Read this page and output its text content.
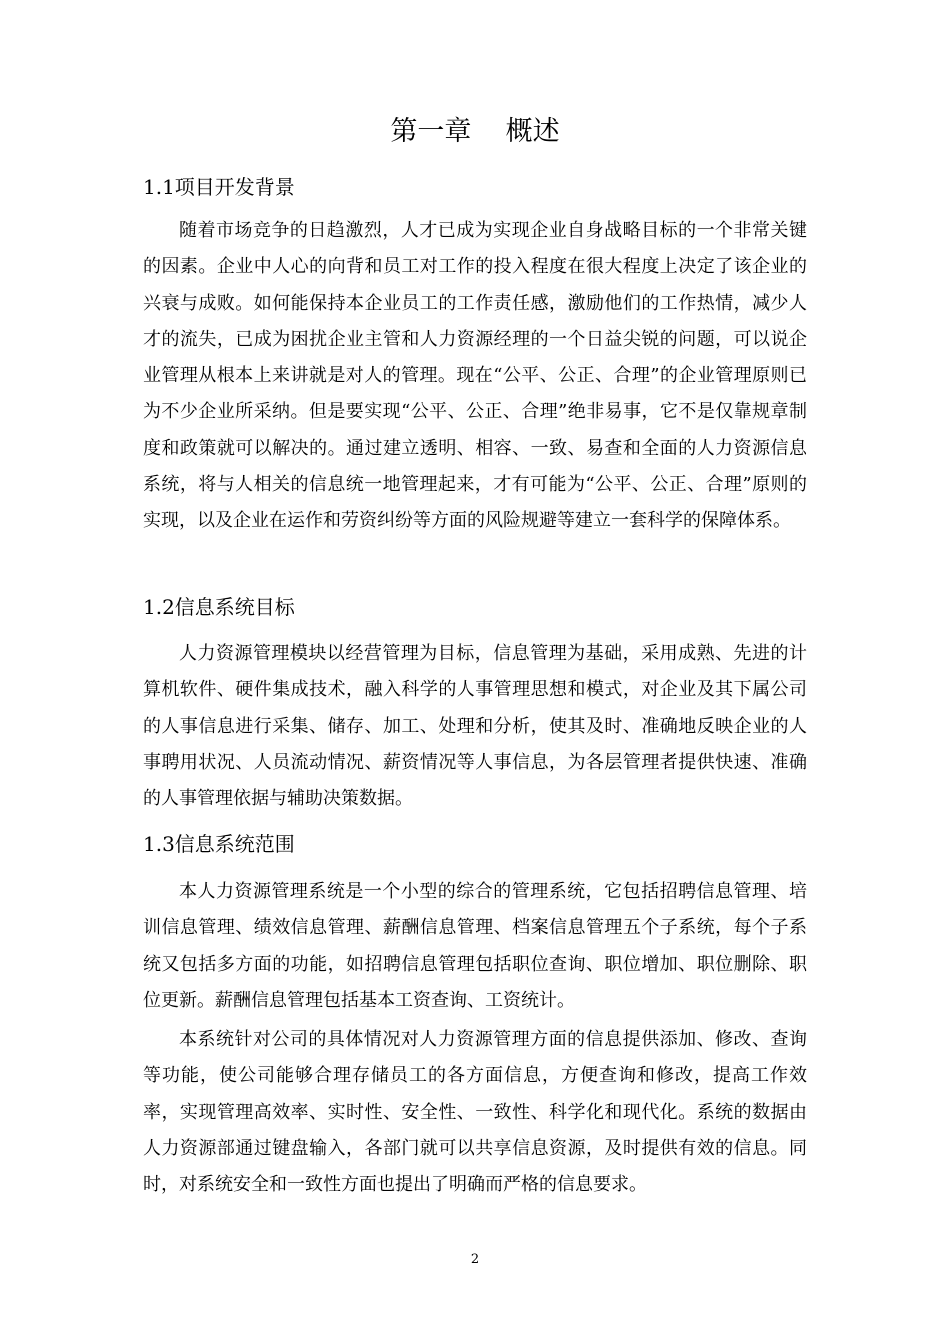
第一章    概述
1.1项目开发背景

随着市场竞争的日趋激烈，人才已成为实现企业自身战略目标的一个非常关键的因素。企业中人心的向背和员工对工作的投入程度在很大程度上决定了该企业的兴衰与成败。如何能保持本企业员工的工作责任感，激励他们的工作热情，减少人才的流失，已成为困扰企业主管和人力资源经理的一个日益尖锐的问题，可以说企业管理从根本上来讲就是对人的管理。现在“公平、公正、合理”的企业管理原则已为不少企业所采纳。但是要实现“公平、公正、合理”绝非易事，它不是仅靠规章制度和政策就可以解决的。通过建立透明、相容、一致、易查和全面的人力资源信息系统，将与人相关的信息统一地管理起来，才有可能为“公平、公正、合理”原则的实现，以及企业在运作和劳资纠纷等方面的风险规避等建立一套科学的保障体系。

1.2信息系统目标

人力资源管理模块以经营管理为目标，信息管理为基础，采用成熟、先进的计算机软件、硬件集成技术，融入科学的人事管理思想和模式，对企业及其下属公司的人事信息进行采集、储存、加工、处理和分析，使其及时、准确地反映企业的人事聘用状况、人员流动情况、薪资情况等人事信息，为各层管理者提供快速、准确的人事管理依据与辅助决策数据。

1.3信息系统范围

本人力资源管理系统是一个小型的综合的管理系统，它包括招聘信息管理、培训信息管理、绩效信息管理、薪酬信息管理、档案信息管理五个子系统，每个子系统又包括多方面的功能，如招聘信息管理包括职位查询、职位增加、职位删除、职位更新。薪酬信息管理包括基本工资查询、工资统计。

本系统针对公司的具体情况对人力资源管理方面的信息提供添加、修改、查询等功能，使公司能够合理存储员工的各方面信息，方便查询和修改，提高工作效率，实现管理高效率、实时性、安全性、一致性、科学化和现代化。系统的数据由人力资源部通过键盘输入，各部门就可以共享信息资源，及时提供有效的信息。同时，对系统安全和一致性方面也提出了明确而严格的信息要求。

2
